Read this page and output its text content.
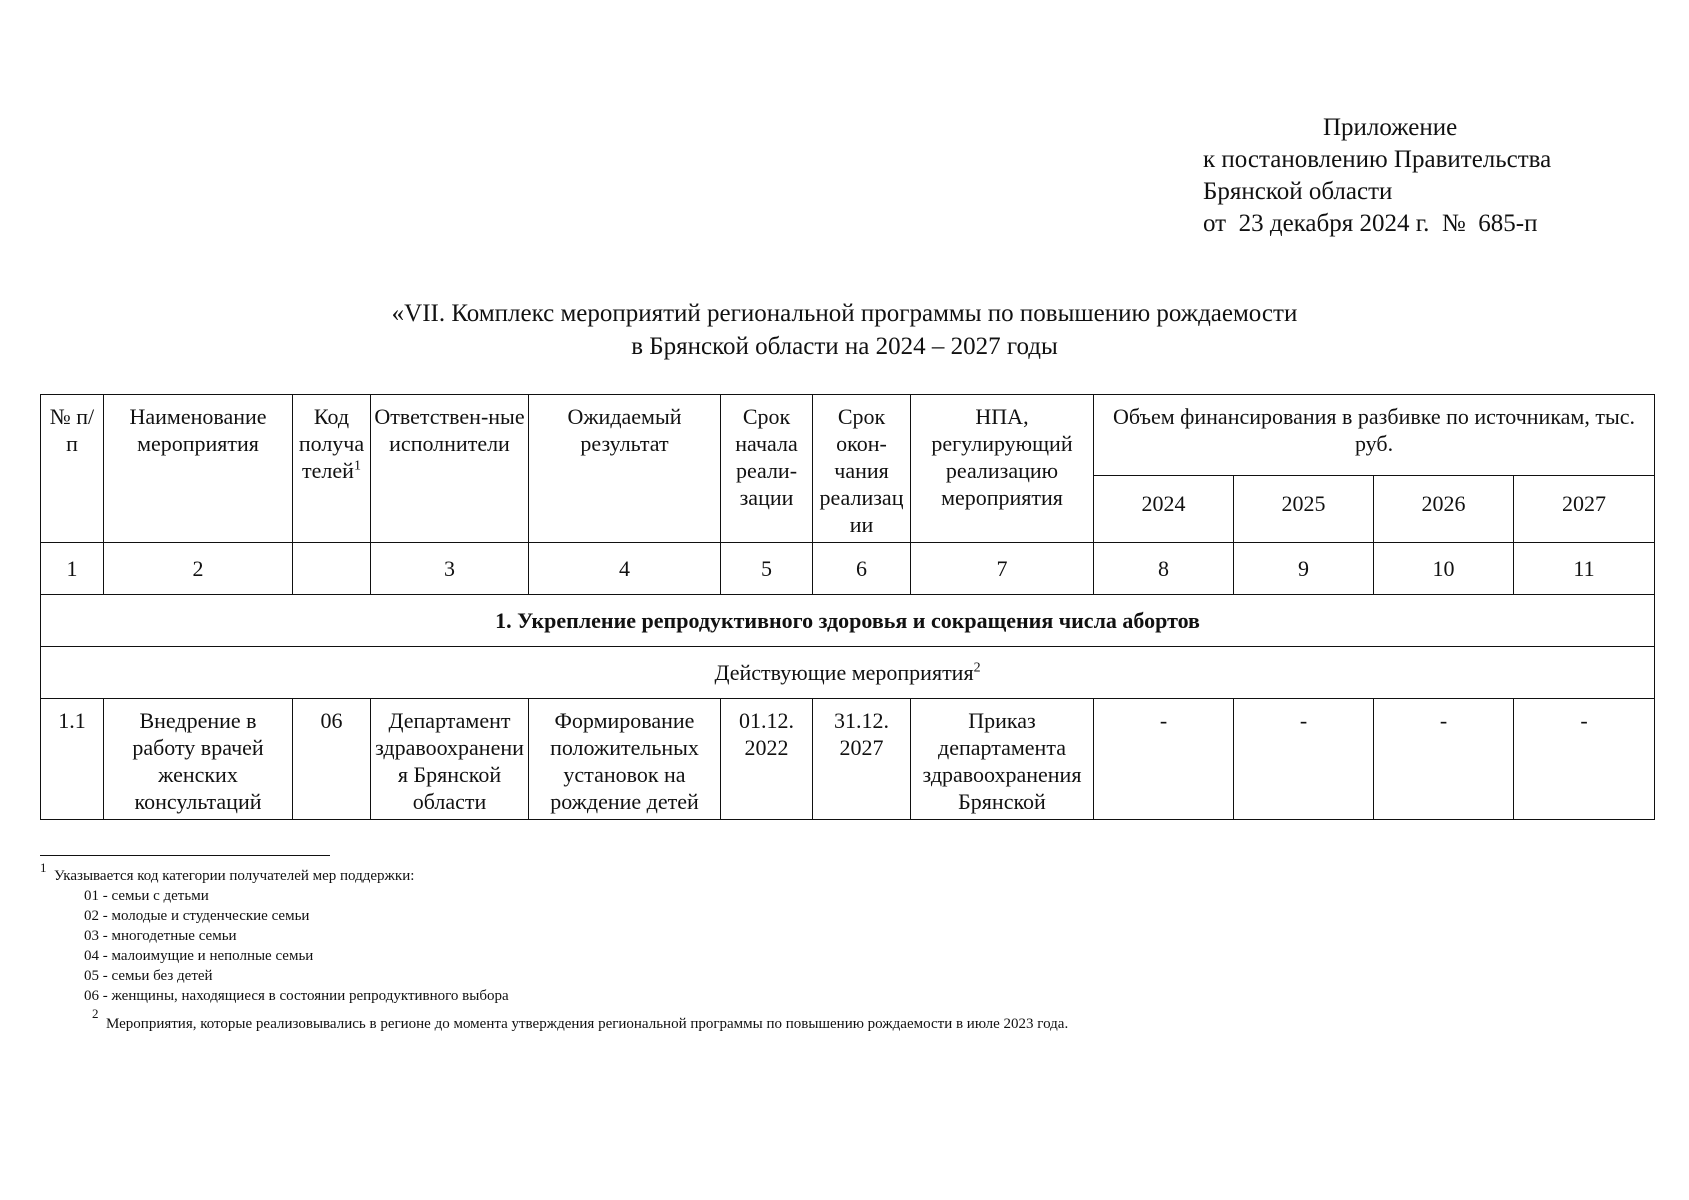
Приложение
к постановлению Правительства
Брянской области
от  23 декабря 2024 г.  №  685-п
«VII. Комплекс мероприятий региональной программы по повышению рождаемости
в Брянской области на 2024 – 2027 годы
№ п/п	Наименование мероприятия	Код получателей$^1$	Ответствен-ные исполнители	Ожидаемый результат	Срок начала реали-зации	Срок окон-чания реализации	НПА, регулирующий реализацию мероприятия	Объем финансирования в разбивке по источникам, тыс. руб.			
								2024	2025	2026	2027
1	2		3	4	5	6	7	8	9	10	11
1. Укрепление репродуктивного здоровья и сокращения числа абортов											
Действующие мероприятия$^2$
1.1	Внедрение в работу врачей женских консультаций	06	Департамент здравоохранения Брянской области	Формирование положительных установок на рождение детей	01.12. 2022	31.12. 2027	Приказ департамента здравоохранения Брянской	-	-	-	-
1
Указывается код категории получателей мер поддержки:
01 - семьи с детьми
02 - молодые и студенческие семьи
03 - многодетные семьи
04 - малоимущие и неполные семьи
05 - семьи без детей
06 - женщины, находящиеся в состоянии репродуктивного выбора
2
Мероприятия, которые реализовывались в регионе до момента утверждения региональной программы по повышению рождаемости в июле 2023 года.
